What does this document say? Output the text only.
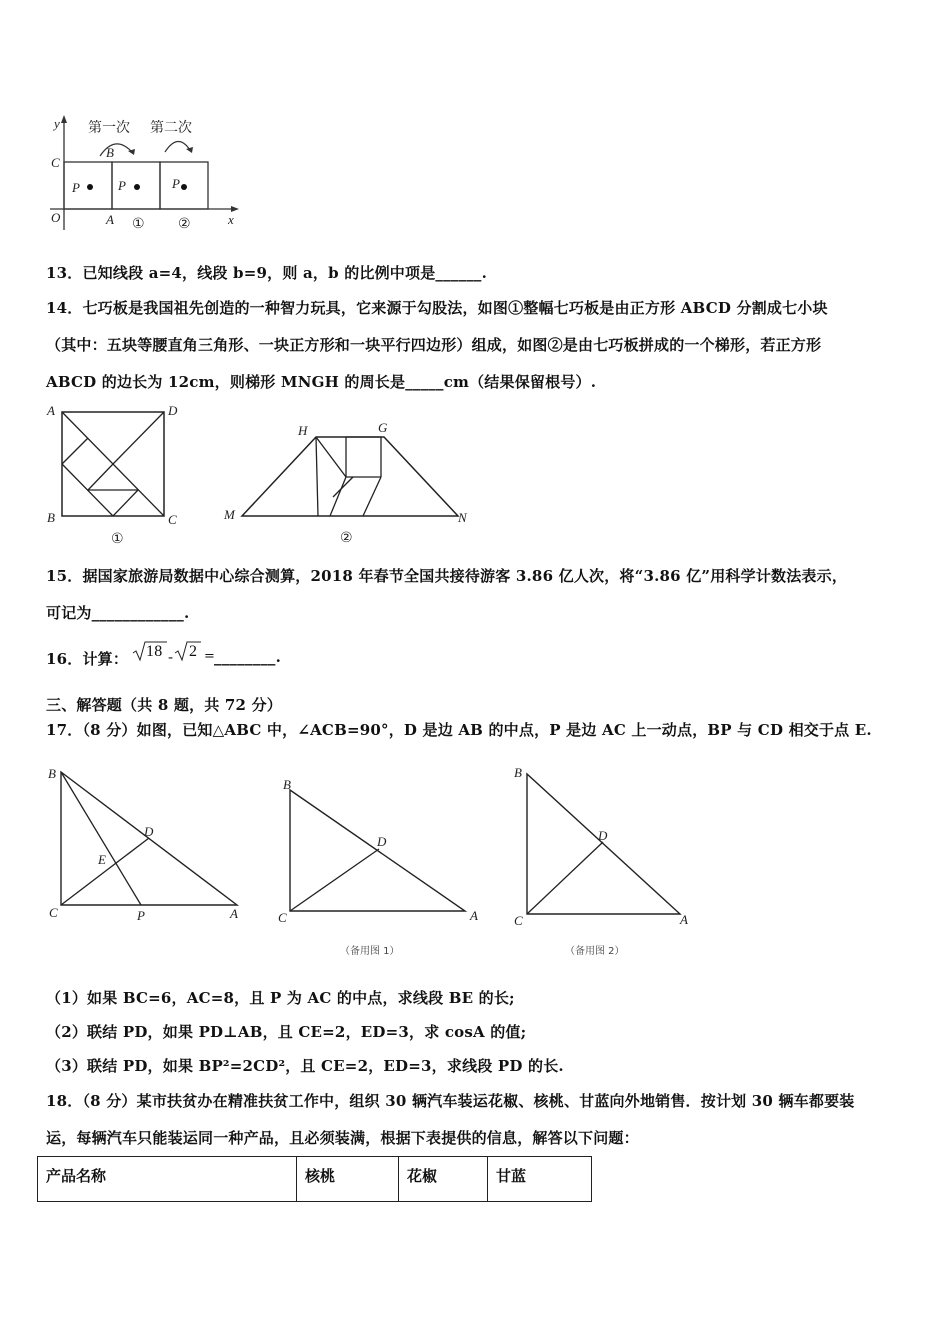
第一次 第二次
y
x
C
O	A
B
P	P	P
① ②
13．已知线段 a=4，线段 b=9，则 a，b 的比例中项是______.
14．七巧板是我国祖先创造的一种智力玩具，它来源于勾股法，如图①整幅七巧板是由正方形 ABCD 分割成七小块
（其中：五块等腰直角三角形、一块正方形和一块平行四边形）组成，如图②是由七巧板拼成的一个梯形，若正方形
ABCD 的边长为 12cm，则梯形 MNGH 的周长是_____cm（结果保留根号）.
A	D
B	C
①
H	G
M	N
②
15．据国家旅游局数据中心综合测算，2018 年春节全国共接待游客 3.86 亿人次，将“3.86 亿”用科学计数法表示，
可记为____________.
16．计算： 18 - 2 =
________.
三、解答题（共 8 题，共 72 分）
17．（8 分）如图，已知△ABC 中，∠ACB=90°，D 是边 AB 的中点，P 是边 AC 上一动点，BP 与 CD 相交于点 E.
B
D
E
C	P	A
B
D
C	A
（备用图 1）
B
D
C	A
（备用图 2）
（1）如果 BC=6，AC=8，且 P 为 AC 的中点，求线段 BE 的长;
（2）联结 PD，如果 PD⊥AB，且 CE=2，ED=3，求 cosA 的值;
（3）联结 PD，如果 BP²=2CD²，且 CE=2，ED=3，求线段 PD 的长.
18．（8 分）某市扶贫办在精准扶贫工作中，组织 30 辆汽车装运花椒、核桃、甘蓝向外地销售．按计划 30 辆车都要装
运，每辆汽车只能装运同一种产品，且必须装满，根据下表提供的信息，解答以下问题：
产品名称	核桃	花椒	甘蓝
